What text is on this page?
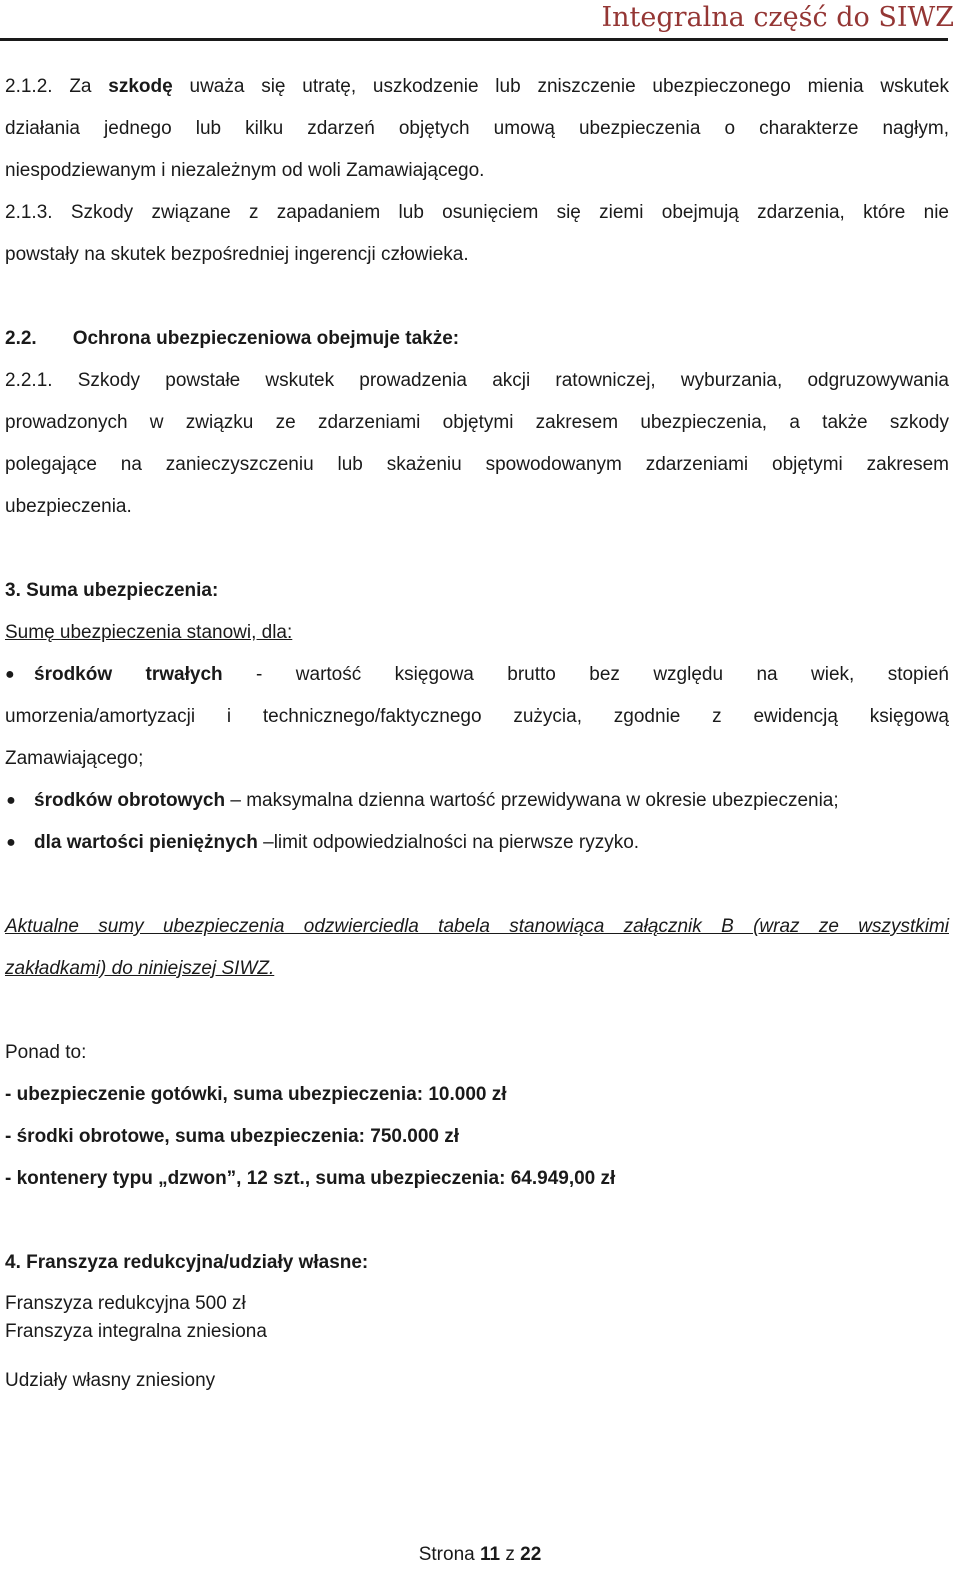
Integralna część do SIWZ
2.1.2. Za szkodę uważa się utratę, uszkodzenie lub zniszczenie ubezpieczonego mienia wskutek
działania jednego lub kilku zdarzeń objętych umową ubezpieczenia o charakterze nagłym,
niespodziewanym i niezależnym od woli Zamawiającego.
2.1.3. Szkody związane z zapadaniem lub osunięciem się ziemi obejmują zdarzenia, które nie
powstały na skutek bezpośredniej ingerencji człowieka.
2.2. Ochrona ubezpieczeniowa obejmuje także:
2.2.1. Szkody powstałe wskutek prowadzenia akcji ratowniczej, wyburzania, odgruzowywania
prowadzonych w związku ze zdarzeniami objętymi zakresem ubezpieczenia, a także szkody
polegające na zanieczyszczeniu lub skażeniu spowodowanym zdarzeniami objętymi zakresem
ubezpieczenia.
3. Suma ubezpieczenia:
Sumę ubezpieczenia stanowi, dla:
● środków trwałych - wartość księgowa brutto bez względu na wiek, stopień
umorzenia/amortyzacji i technicznego/faktycznego zużycia, zgodnie z ewidencją księgową
Zamawiającego;
● środków obrotowych – maksymalna dzienna wartość przewidywana w okresie ubezpieczenia;
● dla wartości pieniężnych –limit odpowiedzialności na pierwsze ryzyko.
Aktualne sumy ubezpieczenia odzwierciedla tabela stanowiąca załącznik B (wraz ze wszystkimi
zakładkami) do niniejszej SIWZ.
Ponad to:
- ubezpieczenie gotówki, suma ubezpieczenia: 10.000 zł
- środki obrotowe, suma ubezpieczenia: 750.000 zł
- kontenery typu „dzwon”, 12 szt., suma ubezpieczenia: 64.949,00 zł
4. Franszyza redukcyjna/udziały własne:
Franszyza redukcyjna 500 zł
Franszyza integralna zniesiona
Udziały własny zniesiony
Strona 11 z 22
